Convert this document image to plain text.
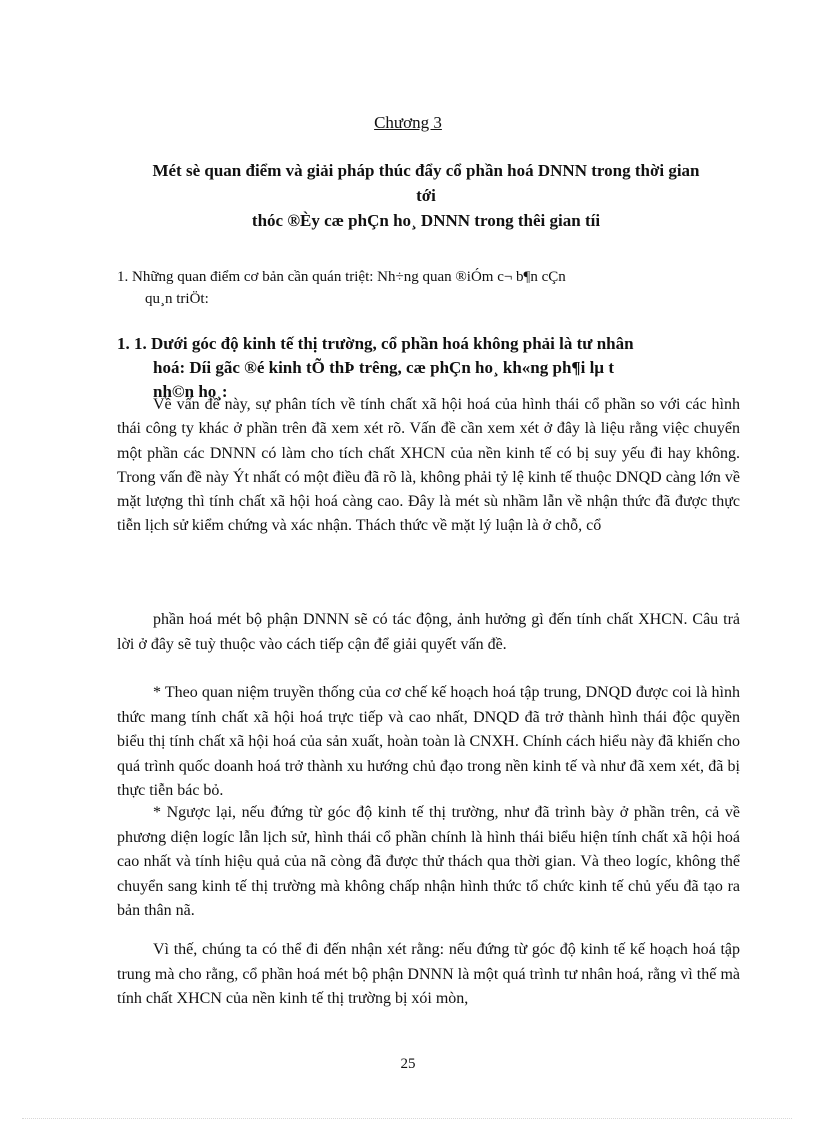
Chương 3
Mét sè quan điểm và giải pháp thúc đẩy cổ phần hoá DNNN trong thời gian
tới
thóc ®Èy cæ phÇn ho¸ DNNN trong thêi gian tíi
1. Những quan điểm cơ bản cần quán triệt: Nh÷ng quan ®iÓm c¬ b¶n cÇn
qu¸n triÖt:
1. 1. Dưới góc độ kinh tế thị trường, cổ phần hoá không phải là tư nhân
hoá: Díi gãc ®é kinh tÕ thÞ trêng, cæ phÇn ho¸ kh«ng ph¶i lµ t
nh©n ho¸:

Về vấn đề này, sự phân tích về tính chất xã hội hoá của hình thái cổ phần so với các hình thái công ty khác ở phần trên đã xem xét rõ. Vấn đề cần xem xét ở đây là liệu rằng việc chuyển một phần các DNNN có làm cho tích chất XHCN của nền kinh tế có bị suy yếu đi hay không. Trong vấn đề này Ýt nhất có một điều đã rõ là, không phải tỷ lệ kinh tế thuộc DNQD càng lớn về mặt lượng thì tính chất xã hội hoá càng cao. Đây là mét sù nhầm lẫn về nhận thức đã được thực tiễn lịch sử kiểm chứng và xác nhận. Thách thức về mặt lý luận là ở chỗ, cổ

phần hoá mét bộ phận DNNN sẽ có tác động, ảnh hưởng gì đến tính chất XHCN. Câu trả lời ở đây sẽ tuỳ thuộc vào cách tiếp cận để giải quyết vấn đề.

* Theo quan niệm truyền thống của cơ chế kế hoạch hoá tập trung, DNQD được coi là hình thức mang tính chất xã hội hoá trực tiếp và cao nhất, DNQD đã trở thành hình thái độc quyền biểu thị tính chất xã hội hoá của sản xuất, hoàn toàn là CNXH. Chính cách hiểu này đã khiến cho quá trình quốc doanh hoá trở thành xu hướng chủ đạo trong nền kinh tế và như đã xem xét, đã bị thực tiễn bác bỏ.

* Ngược lại, nếu đứng từ góc độ kinh tế thị trường, như đã trình bày ở phần trên, cả về phương diện logíc lẫn lịch sử, hình thái cổ phần chính là hình thái biểu hiện tính chất xã hội hoá cao nhất và tính hiệu quả của nã còng đã được thử thách qua thời gian. Và theo logíc, không thể chuyển sang kinh tế thị trường mà không chấp nhận hình thức tổ chức kinh tế chủ yếu đã tạo ra bản thân nã.

Vì thế, chúng ta có thể đi đến nhận xét rằng: nếu đứng từ góc độ kinh tế kế hoạch hoá tập trung mà cho rằng, cổ phần hoá mét bộ phận DNNN là một quá trình tư nhân hoá, rằng vì thế mà tính chất XHCN của nền kinh tế thị trường bị xói mòn,

25
